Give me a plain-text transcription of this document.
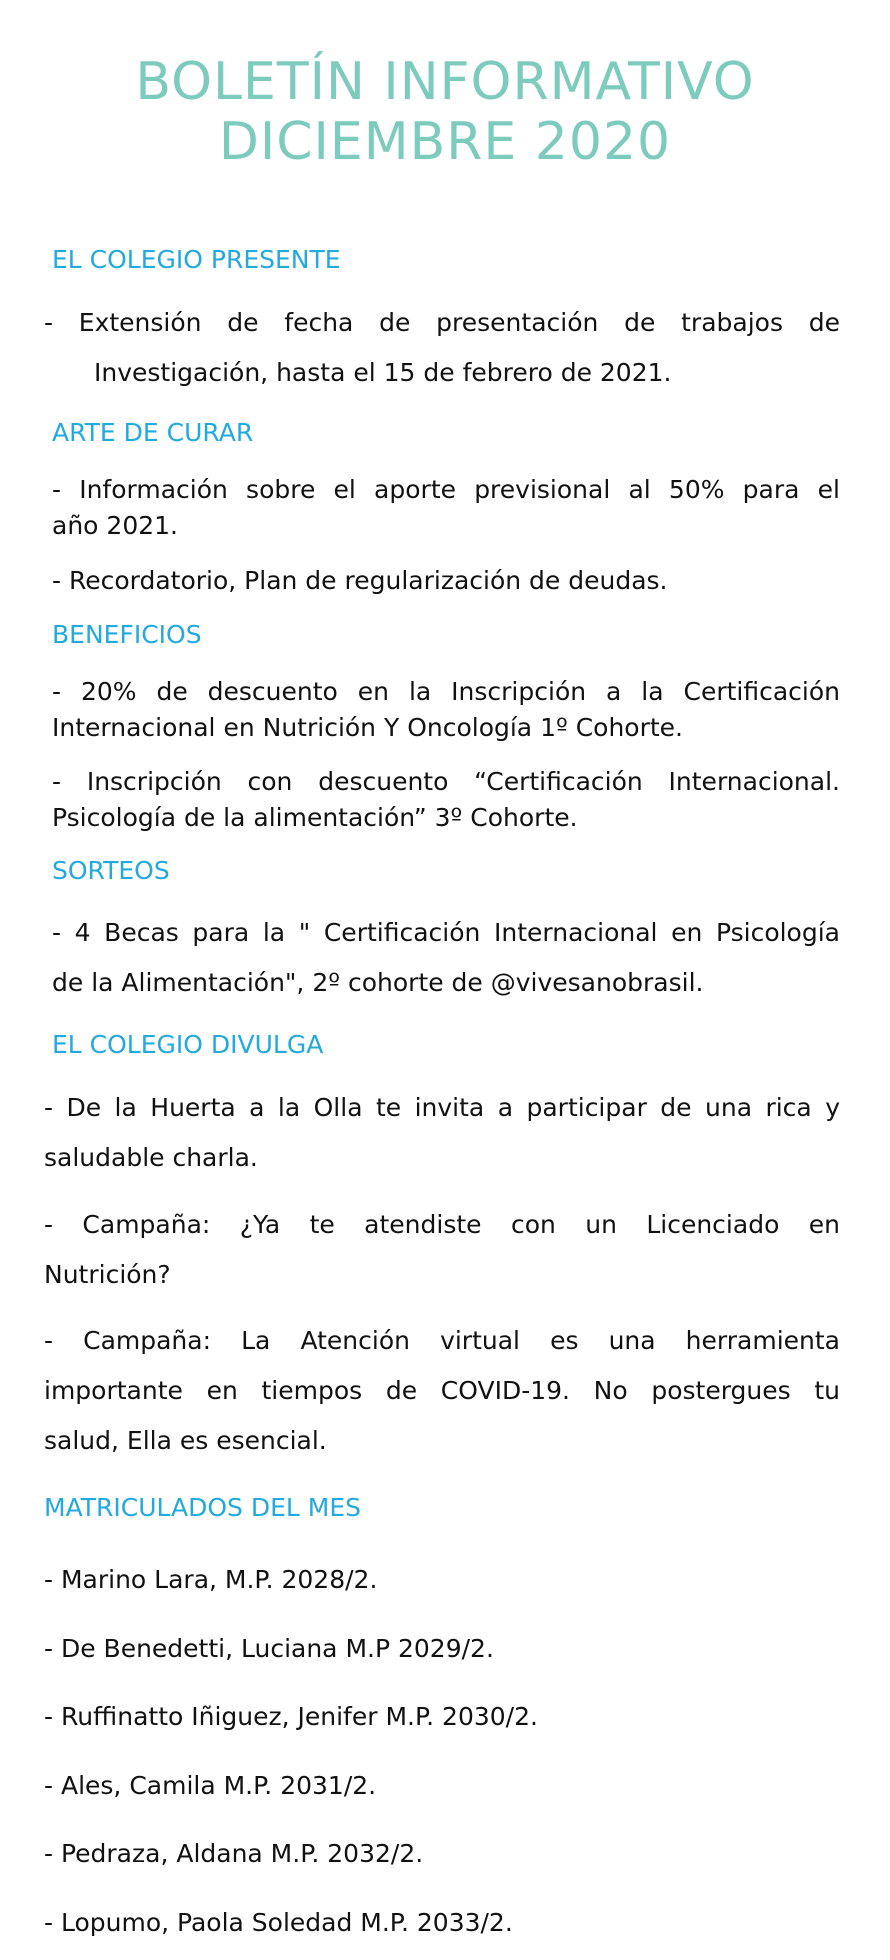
BOLETÍN INFORMATIVO
DICIEMBRE 2020
EL COLEGIO PRESENTE
- Extensión de fecha de presentación de trabajos de
Investigación, hasta el 15 de febrero de 2021.
ARTE DE CURAR
- Información sobre el aporte previsional al 50% para el
año 2021.
- Recordatorio, Plan de regularización de deudas.
BENEFICIOS
- 20% de descuento en la Inscripción a la Certificación
Internacional en Nutrición Y Oncología 1º Cohorte.
- Inscripción con descuento “Certificación Internacional.
Psicología de la alimentación” 3º Cohorte.
SORTEOS
- 4 Becas para la " Certificación Internacional en Psicología
de la Alimentación", 2º cohorte de @vivesanobrasil.
EL COLEGIO DIVULGA
- De la Huerta a la Olla te invita a participar de una rica y
saludable charla.
- Campaña: ¿Ya te atendiste con un Licenciado en
Nutrición?
- Campaña: La Atención virtual es una herramienta
importante en tiempos de COVID-19. No postergues tu
salud, Ella es esencial.
MATRICULADOS DEL MES
- Marino Lara, M.P. 2028/2.
- De Benedetti, Luciana M.P 2029/2.
- Ruffinatto Iñiguez, Jenifer M.P. 2030/2.
- Ales, Camila M.P. 2031/2.
- Pedraza, Aldana M.P. 2032/2.
- Lopumo, Paola Soledad M.P. 2033/2.
